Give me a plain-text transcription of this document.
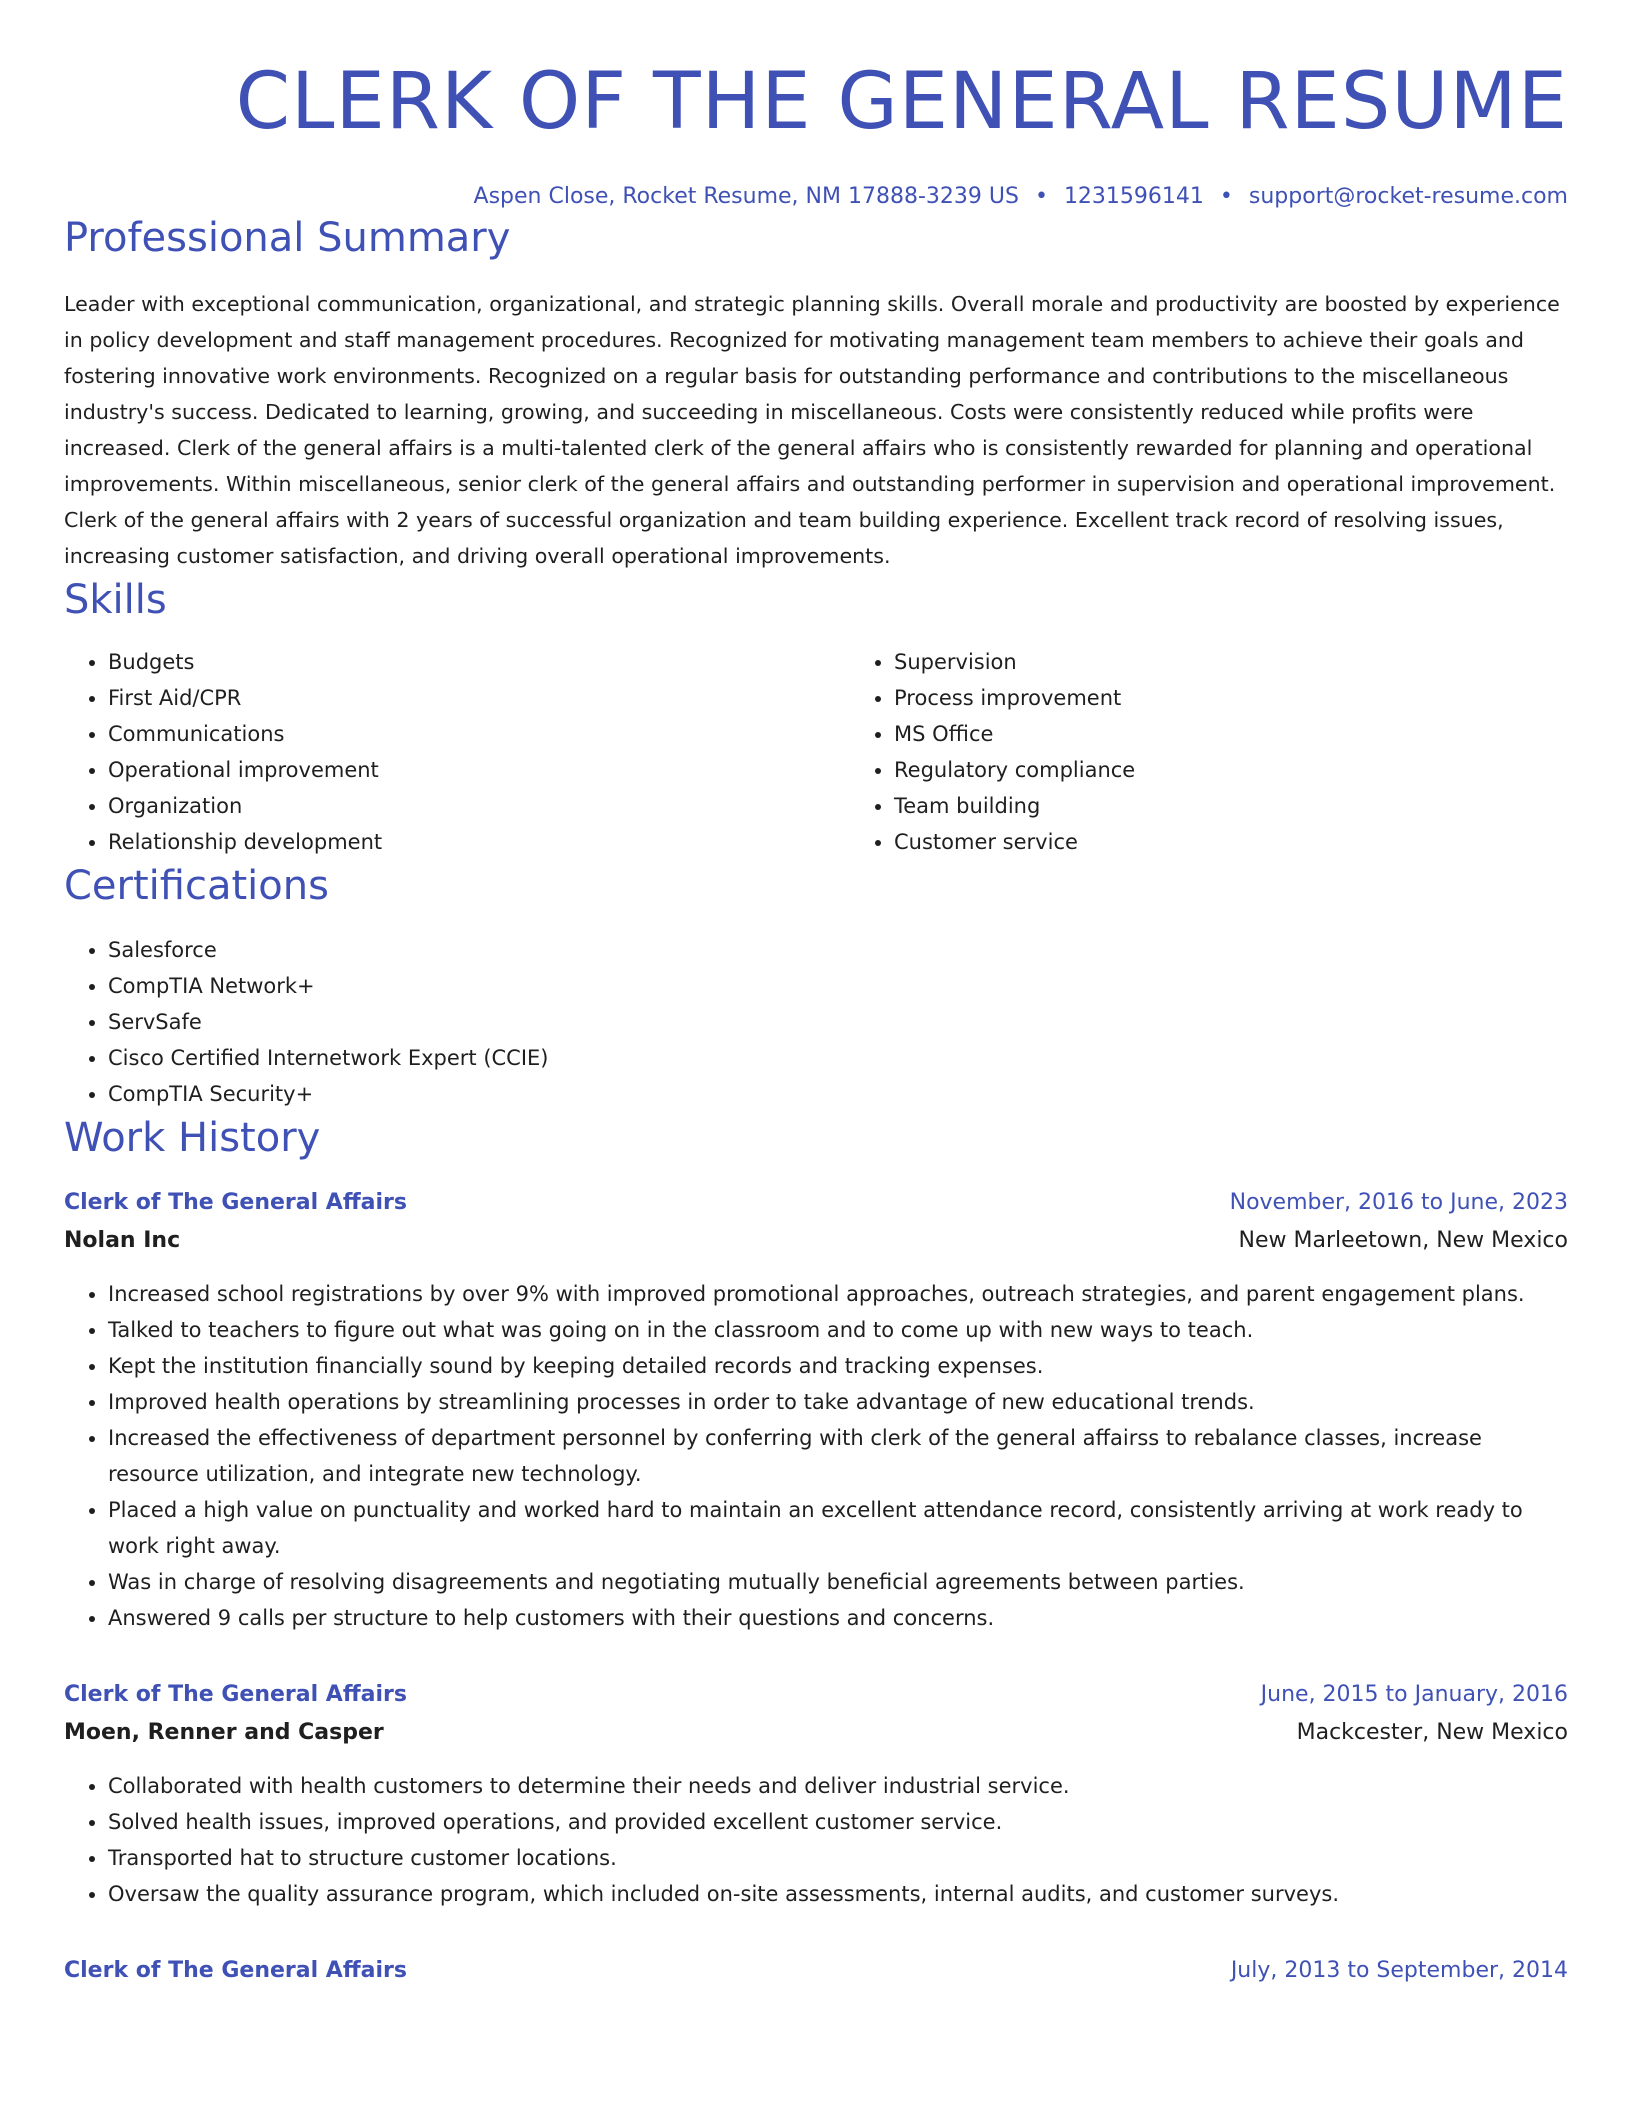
CLERK OF THE GENERAL RESUME
Aspen Close, Rocket Resume, NM 17888-3239 US • 1231596141 • support@rocket-resume.com
Professional Summary

Leader with exceptional communication, organizational, and strategic planning skills. Overall morale and productivity are boosted by experience in policy development and staff management procedures. Recognized for motivating management team members to achieve their goals and fostering innovative work environments. Recognized on a regular basis for outstanding performance and contributions to the miscellaneous industry's success. Dedicated to learning, growing, and succeeding in miscellaneous. Costs were consistently reduced while profits were increased. Clerk of the general affairs is a multi-talented clerk of the general affairs who is consistently rewarded for planning and operational improvements. Within miscellaneous, senior clerk of the general affairs and outstanding performer in supervision and operational improvement. Clerk of the general affairs with 2 years of successful organization and team building experience. Excellent track record of resolving issues, increasing customer satisfaction, and driving overall operational improvements.

Skills
• Budgets
• First Aid/CPR
• Communications
• Operational improvement
• Organization
• Relationship development
• Supervision
• Process improvement
• MS Office
• Regulatory compliance
• Team building
• Customer service
Certifications
• Salesforce
• CompTIA Network+
• ServSafe
• Cisco Certified Internetwork Expert (CCIE)
• CompTIA Security+
Work History
Clerk of The General Affairs	November, 2016 to June, 2023
Nolan Inc	New Marleetown, New Mexico
• Increased school registrations by over 9% with improved promotional approaches, outreach strategies, and parent engagement plans.
• Talked to teachers to figure out what was going on in the classroom and to come up with new ways to teach.
• Kept the institution financially sound by keeping detailed records and tracking expenses.
• Improved health operations by streamlining processes in order to take advantage of new educational trends.
• Increased the effectiveness of department personnel by conferring with clerk of the general affairss to rebalance classes, increase resource utilization, and integrate new technology.
• Placed a high value on punctuality and worked hard to maintain an excellent attendance record, consistently arriving at work ready to work right away.
• Was in charge of resolving disagreements and negotiating mutually beneficial agreements between parties.
• Answered 9 calls per structure to help customers with their questions and concerns.
Clerk of The General Affairs	June, 2015 to January, 2016
Moen, Renner and Casper	Mackcester, New Mexico
• Collaborated with health customers to determine their needs and deliver industrial service.
• Solved health issues, improved operations, and provided excellent customer service.
• Transported hat to structure customer locations.
• Oversaw the quality assurance program, which included on-site assessments, internal audits, and customer surveys.
Clerk of The General Affairs	July, 2013 to September, 2014
